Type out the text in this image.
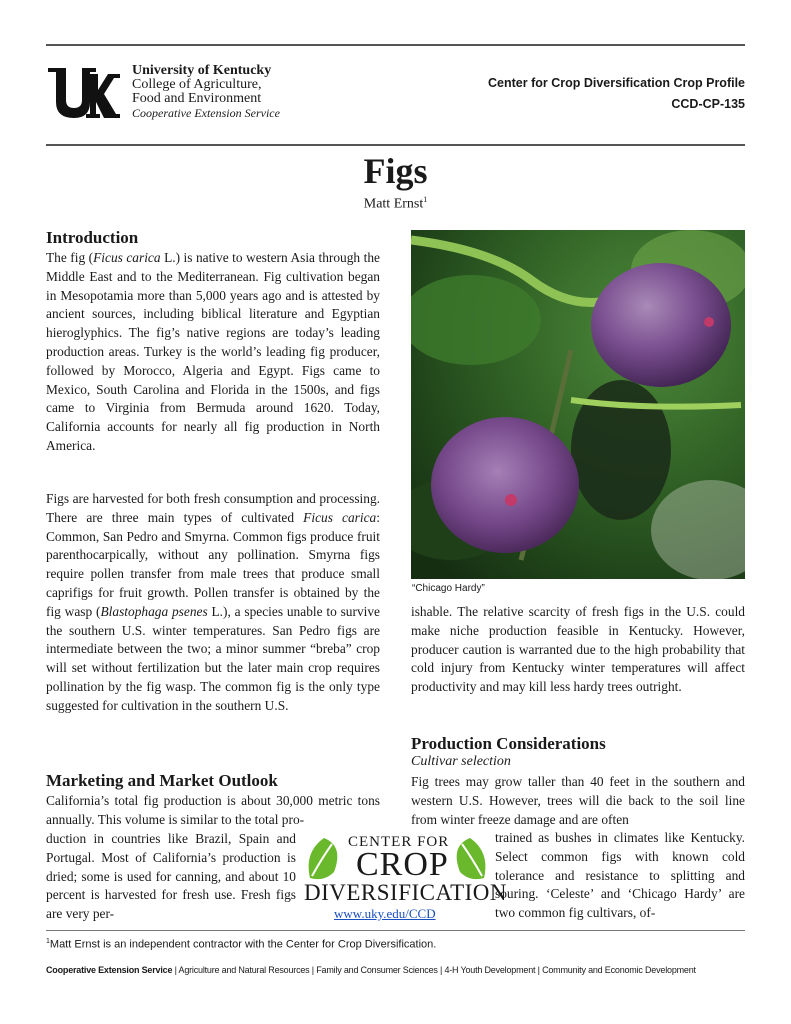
University of Kentucky
College of Agriculture,
Food and Environment
Cooperative Extension Service
Center for Crop Diversification Crop Profile
CCD-CP-135
Figs
Matt Ernst$^1$
Introduction

The fig (Ficus carica L.) is native to western Asia through the Middle East and to the Mediterranean. Fig cultivation began in Mesopotamia more than 5,000 years ago and is attested by ancient sources, including biblical literature and Egyptian hieroglyphics. The fig’s native regions are today’s leading production areas. Turkey is the world’s leading fig producer, followed by Morocco, Algeria and Egypt. Figs came to Mexico, South Carolina and Florida in the 1500s, and figs came to Virginia from Bermuda around 1620. Today, California accounts for nearly all fig production in North America.

Figs are harvested for both fresh consumption and processing. There are three main types of cultivated Ficus carica: Common, San Pedro and Smyrna. Common figs produce fruit parenthocarpically, without any pollination. Smyrna figs require pollen transfer from male trees that produce small caprifigs for fruit growth. Pollen transfer is obtained by the fig wasp (Blastophaga psenes L.), a species unable to survive the southern U.S. winter temperatures. San Pedro figs are intermediate between the two; a minor summer “breba” crop will set without fertilization but the later main crop requires pollination by the fig wasp. The common fig is the only type suggested for cultivation in the southern U.S.

Marketing and Market Outlook

California’s total fig production is about 30,000 metric tons annually. This volume is similar to the total pro-

duction in countries like Brazil, Spain and Portugal. Most of California’s production is dried; some is used for canning, and about 10 percent is harvested for fresh use. Fresh figs are very per-

“Chicago Hardy”

ishable. The relative scarcity of fresh figs in the U.S. could make niche production feasible in Kentucky. However, producer caution is warranted due to the high probability that cold injury from Kentucky winter temperatures will affect productivity and may kill less hardy trees outright.

Production Considerations
Cultivar selection

Fig trees may grow taller than 40 feet in the southern and western U.S. However, trees will die back to the soil line from winter freeze damage and are often

trained as bushes in climates like Kentucky. Select common figs with known cold tolerance and resistance to splitting and souring. ‘Celeste’ and ‘Chicago Hardy’ are two common fig cultivars, of-

CENTER FOR
CROP
DIVERSIFICATION
www.uky.edu/CCD
$^1$Matt Ernst is an independent contractor with the Center for Crop Diversification.
Cooperative Extension Service | Agriculture and Natural Resources | Family and Consumer Sciences | 4-H Youth Development | Community and Economic Development
